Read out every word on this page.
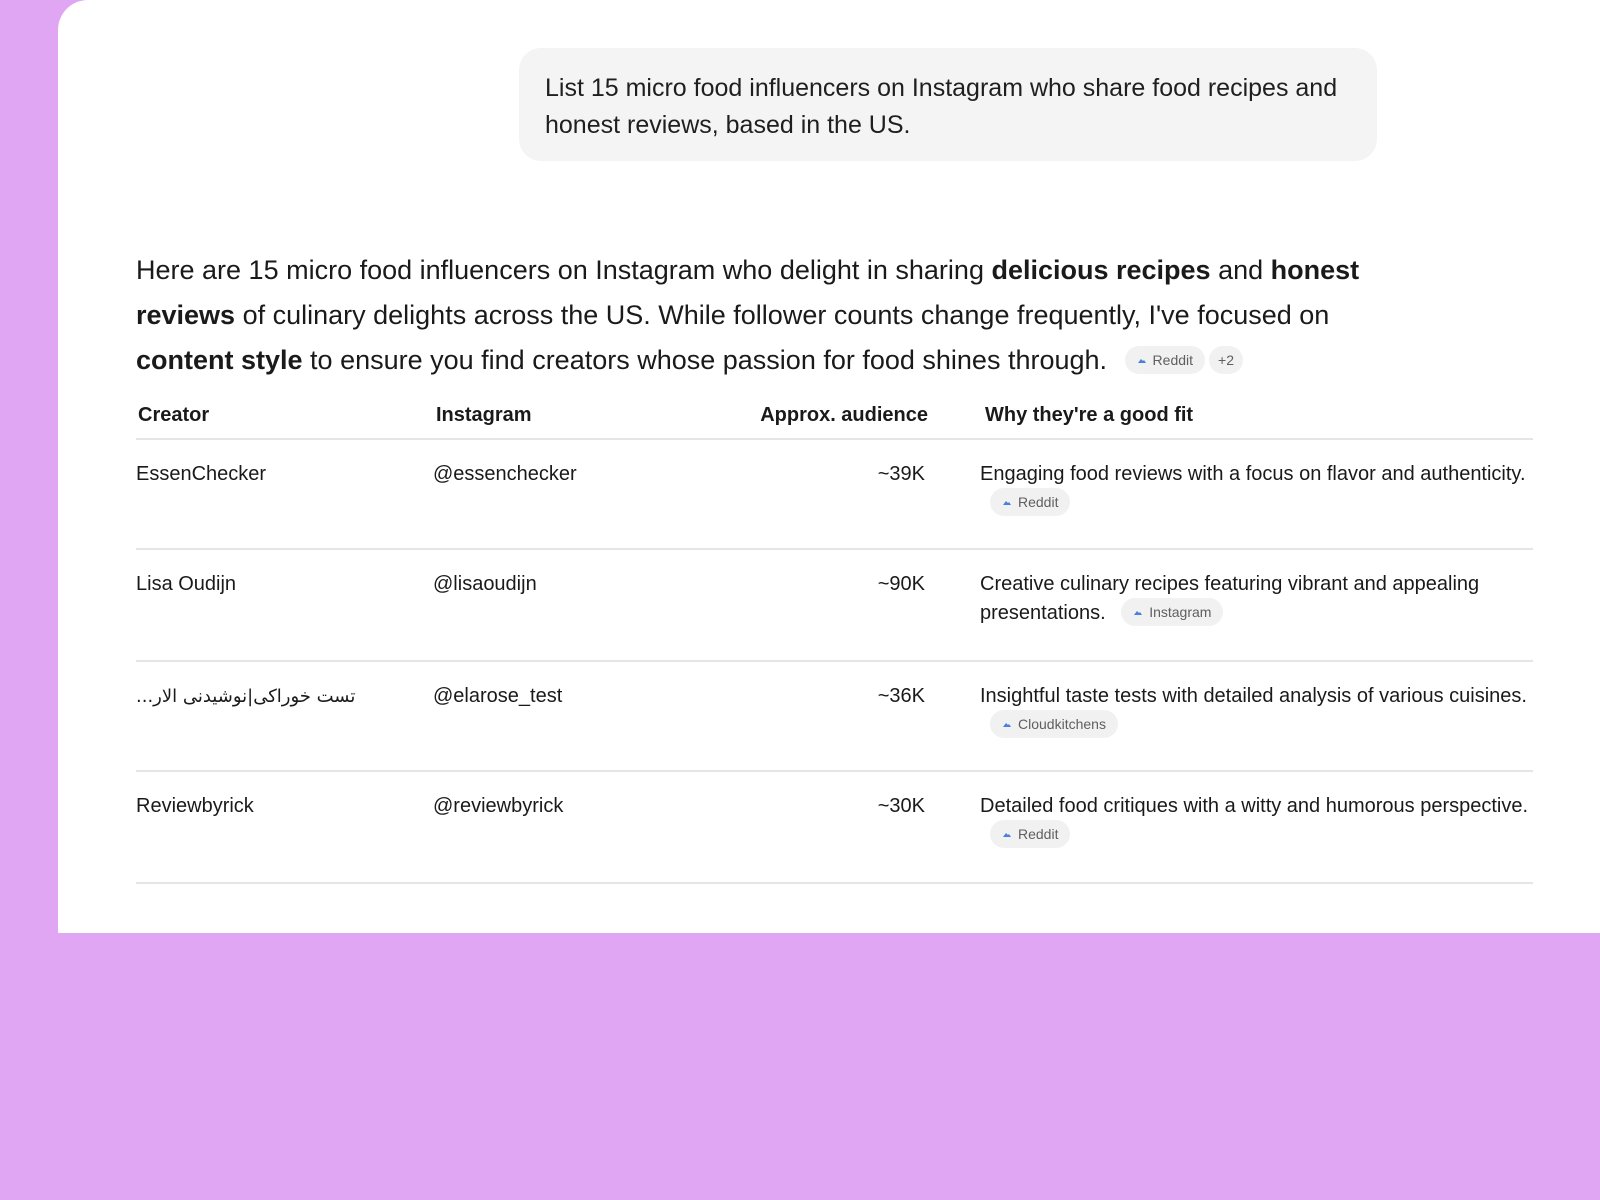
List 15 micro food influencers on Instagram who share food recipes and honest reviews, based in the US.
Here are 15 micro food influencers on Instagram who delight in sharing delicious recipes and honest reviews of culinary delights across the US. While follower counts change frequently, I've focused on content style to ensure you find creators whose passion for food shines through.	Reddit +2
Creator	Instagram	Approx. audience	Why they're a good fit
EssenChecker	@essenchecker	~39K	Engaging food reviews with a focus on flavor and authenticity.
Reddit
Lisa Oudijn	@lisaoudijn	~90K	Creative culinary recipes featuring vibrant and appealing presentations.	Instagram
تست خوراکی|نوشیدنی الار...	@elarose_test	~36K	Insightful taste tests with detailed analysis of various cuisines.
Cloudkitchens
Reviewbyrick	@reviewbyrick	~30K	Detailed food critiques with a witty and humorous perspective.
Reddit
